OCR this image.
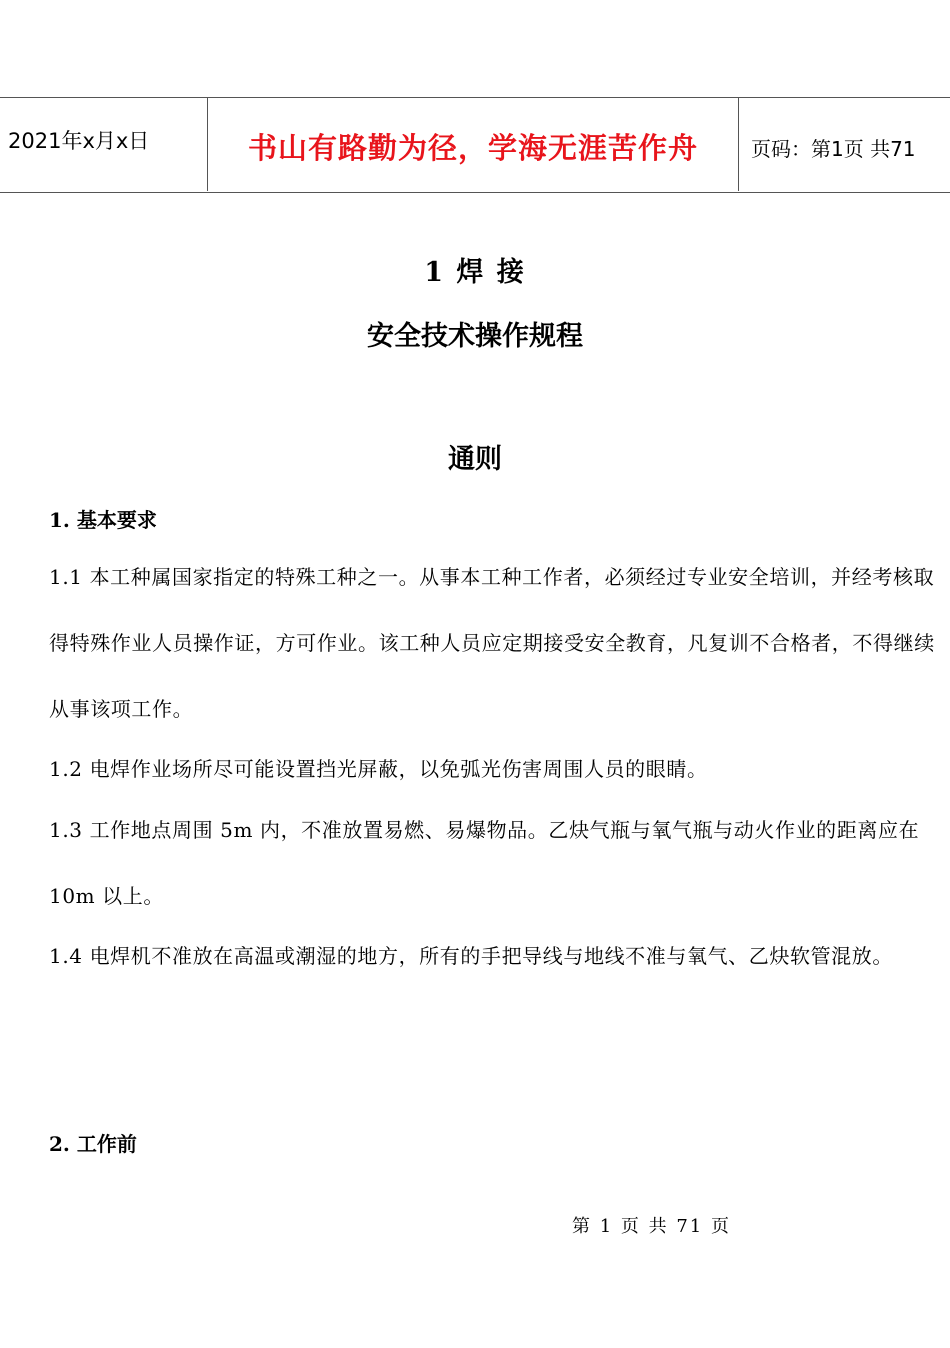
2021年x月x日	书山有路勤为径，学海无涯苦作舟	页码：第1页 共71
1 焊 接
安全技术操作规程
通则
1. 基本要求

1.1 本工种属国家指定的特殊工种之一。从事本工种工作者，必须经过专业安全培训，并经考核取得特殊作业人员操作证，方可作业。该工种人员应定期接受安全教育，凡复训不合格者，不得继续从事该项工作。

1.2 电焊作业场所尽可能设置挡光屏蔽，以免弧光伤害周围人员的眼睛。

1.3 工作地点周围 5m 内，不准放置易燃、易爆物品。乙炔气瓶与氧气瓶与动火作业的距离应在 10m 以上。

1.4 电焊机不准放在高温或潮湿的地方，所有的手把导线与地线不准与氧气、乙炔软管混放。

2. 工作前

第 1 页 共 71 页
